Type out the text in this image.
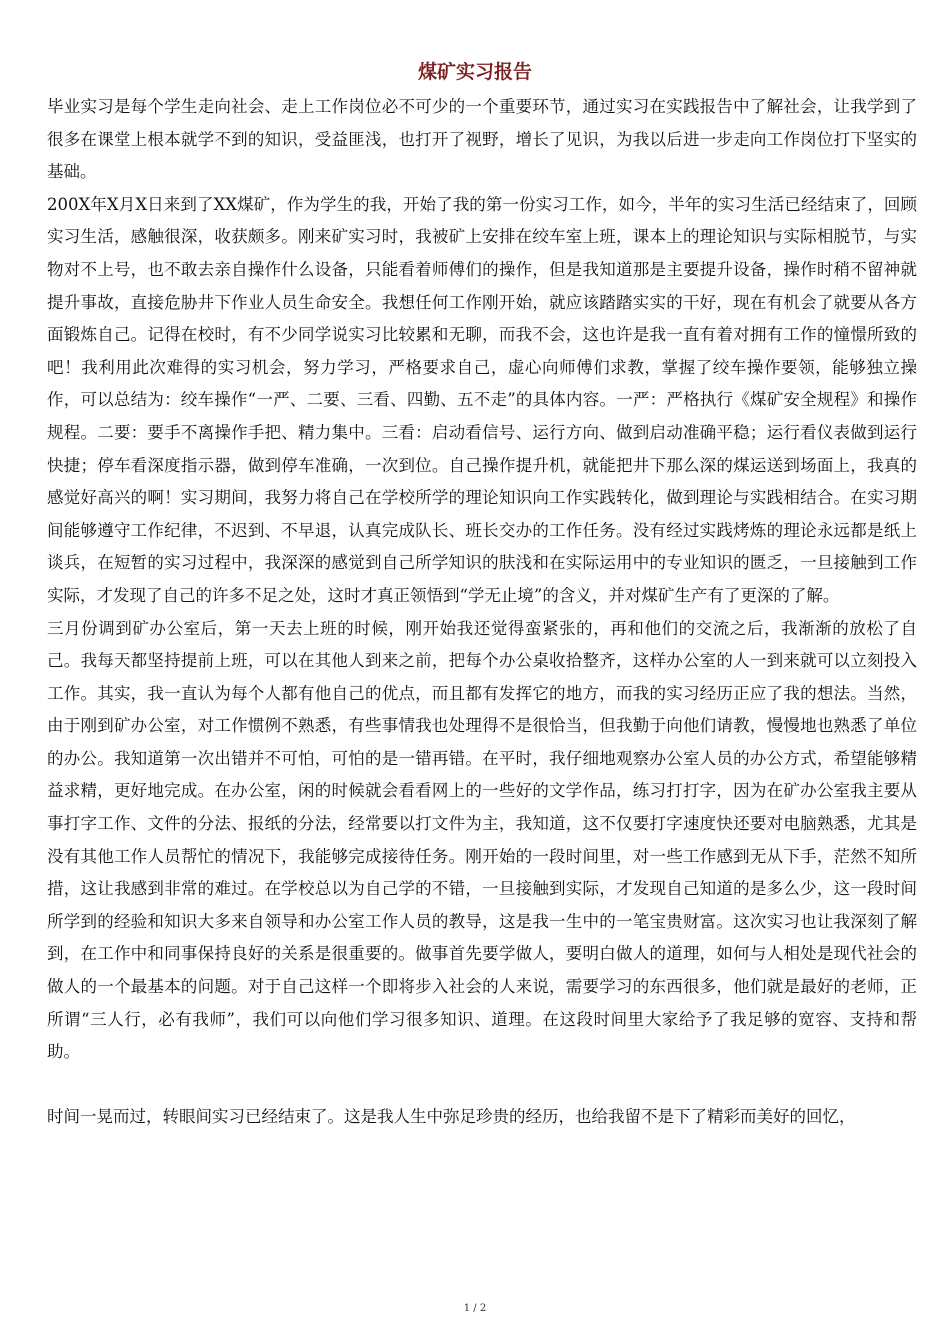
煤矿实习报告

毕业实习是每个学生走向社会、走上工作岗位必不可少的一个重要环节，通过实习在实践报告中了解社会，让我学到了很多在课堂上根本就学不到的知识，受益匪浅，也打开了视野，增长了见识，为我以后进一步走向工作岗位打下坚实的基础。

200X年X月X日来到了XX煤矿，作为学生的我，开始了我的第一份实习工作，如今，半年的实习生活已经结束了，回顾实习生活，感触很深，收获颇多。刚来矿实习时，我被矿上安排在绞车室上班，课本上的理论知识与实际相脱节，与实物对不上号，也不敢去亲自操作什么设备，只能看着师傅们的操作，但是我知道那是主要提升设备，操作时稍不留神就提升事故，直接危胁井下作业人员生命安全。我想任何工作刚开始，就应该踏踏实实的干好，现在有机会了就要从各方面锻炼自己。记得在校时，有不少同学说实习比较累和无聊，而我不会，这也许是我一直有着对拥有工作的憧憬所致的吧！我利用此次难得的实习机会，努力学习，严格要求自己，虚心向师傅们求教，掌握了绞车操作要领，能够独立操作，可以总结为：绞车操作“一严、二要、三看、四勤、五不走”的具体内容。一严：严格执行《煤矿安全规程》和操作规程。二要：要手不离操作手把、精力集中。三看：启动看信号、运行方向、做到启动准确平稳；运行看仪表做到运行快捷；停车看深度指示器，做到停车准确，一次到位。自己操作提升机，就能把井下那么深的煤运送到场面上，我真的感觉好高兴的啊！实习期间，我努力将自己在学校所学的理论知识向工作实践转化，做到理论与实践相结合。在实习期间能够遵守工作纪律，不迟到、不早退，认真完成队长、班长交办的工作任务。没有经过实践烤炼的理论永远都是纸上谈兵，在短暂的实习过程中，我深深的感觉到自己所学知识的肤浅和在实际运用中的专业知识的匮乏，一旦接触到工作实际，才发现了自己的许多不足之处，这时才真正领悟到“学无止境”的含义，并对煤矿生产有了更深的了解。

三月份调到矿办公室后，第一天去上班的时候，刚开始我还觉得蛮紧张的，再和他们的交流之后，我渐渐的放松了自己。我每天都坚持提前上班，可以在其他人到来之前，把每个办公桌收拾整齐，这样办公室的人一到来就可以立刻投入工作。其实，我一直认为每个人都有他自己的优点，而且都有发挥它的地方，而我的实习经历正应了我的想法。当然，由于刚到矿办公室，对工作惯例不熟悉，有些事情我也处理得不是很恰当，但我勤于向他们请教，慢慢地也熟悉了单位的办公。我知道第一次出错并不可怕，可怕的是一错再错。在平时，我仔细地观察办公室人员的办公方式，希望能够精益求精，更好地完成。在办公室，闲的时候就会看看网上的一些好的文学作品，练习打打字，因为在矿办公室我主要从事打字工作、文件的分法、报纸的分法，经常要以打文件为主，我知道，这不仅要打字速度快还要对电脑熟悉，尤其是没有其他工作人员帮忙的情况下，我能够完成接待任务。刚开始的一段时间里，对一些工作感到无从下手，茫然不知所措，这让我感到非常的难过。在学校总以为自己学的不错，一旦接触到实际，才发现自己知道的是多么少，这一段时间所学到的经验和知识大多来自领导和办公室工作人员的教导，这是我一生中的一笔宝贵财富。这次实习也让我深刻了解到，在工作中和同事保持良好的关系是很重要的。做事首先要学做人，要明白做人的道理，如何与人相处是现代社会的做人的一个最基本的问题。对于自己这样一个即将步入社会的人来说，需要学习的东西很多，他们就是最好的老师，正所谓“三人行，必有我师”，我们可以向他们学习很多知识、道理。在这段时间里大家给予了我足够的宽容、支持和帮助。

时间一晃而过，转眼间实习已经结束了。这是我人生中弥足珍贵的经历，也给我留不是下了精彩而美好的回忆，

1 / 2
